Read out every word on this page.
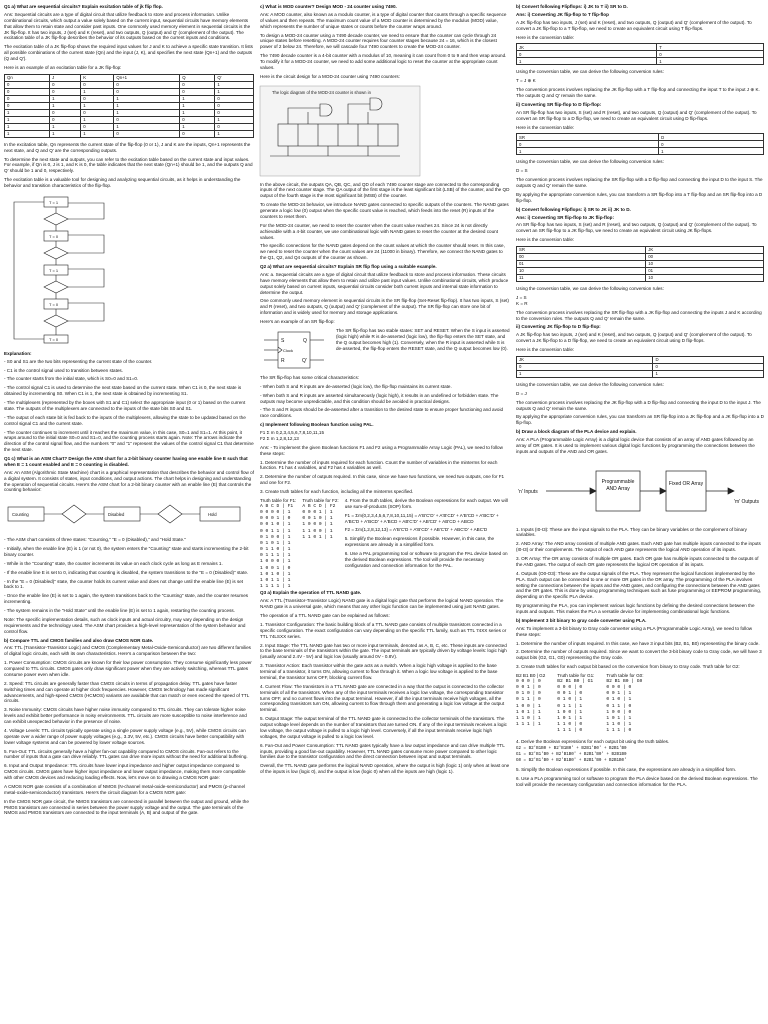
Q1 a) What are sequential circuits? Explain excitation table of jk flip flop.

Ans: Sequential circuits are a type of digital circuit that utilize feedback to store and process information. Unlike combinational circuits, which output a value solely based on the current input, sequential circuits have memory elements that allow them to retain state and consider past inputs. One commonly used memory element in sequential circuits is the JK flip-flop. It has two inputs, J (set) and K (reset), and two outputs, Q (output) and Q' (complement of the output). The excitation table of a JK flip-flop describes the behavior of its outputs based on the current inputs and conditions.

The excitation table of a JK flip-flop shows the required input values for J and K to achieve a specific state transition. It lists all possible combinations of the current state (Qn) and the input (J, K), and specifies the next state (Qn+1) and the outputs (Q and Q').

Here is an example of an excitation table for a JK flip-flop:

Qn	J	K	Qn+1	Q	Q'
0	0	0	0	0	1
0	0	1	0	0	1
0	1	0	1	1	0
0	1	1	1	1	0
1	0	0	1	1	0
1	0	1	0	0	1
1	1	0	1	1	0
1	1	1	0	0	1

In the excitation table, Qn represents the current state of the flip-flop (0 or 1), J and K are the inputs, Qn+1 represents the next state, and Q and Q' are the corresponding outputs.

To determine the next state and outputs, you can refer to the excitation table based on the current state and input values. For example, if Qn is 0, J is 1, and K is 0, the table indicates that the next state (Qn+1) should be 1, and the outputs Q and Q' should be 1 and 0, respectively.

The excitation table is a valuable tool for designing and analyzing sequential circuits, as it helps in understanding the behavior and transition characteristics of the flip-flop.

T = 0
T = 1
T = 0
T = 1
T = 0

Explanation:

- S0 and S1 are the two bits representing the current state of the counter.

- C1 is the control signal used to transition between states.

- The counter starts from the initial state, which is S0=0 and S1=0.

- The control signal C1 is used to determine the next state based on the current state. When C1 is 0, the next state is obtained by incrementing S0. When C1 is 1, the next state is obtained by incrementing S1.

- The multiplexers (represented by the boxes with S1 and C1) select the appropriate input (0 or 1) based on the current state. The outputs of the multiplexers are connected to the inputs of the state bits S0 and S1.

- The output of each state bit is fed back to the inputs of the multiplexers, allowing the state to be updated based on the control signal C1 and the current state.

- The counter continues to increment until it reaches the maximum value, in this case, S0=1 and S1=1. At this point, it wraps around to the initial state S0=0 and S1=0, and the counting process starts again. Note: The arrows indicate the direction of the control signal flow, and the numbers "0" and "1" represent the values of the control signal C1 that determine the next state.

Q1 c) What is an ASM Chart? Design the ASM chart for a 2-bit binary counter having one enable line E such that when E = 1 count enabled and E = 0 counting is disabled.

Ans: An ASM (Algorithmic State Machine) chart is a graphical representation that describes the behavior and control flow of a digital system. It consists of states, input conditions, and output actions. The chart helps in designing and understanding the operation of sequential circuits. Here's the ASM chart for a 2-bit binary counter with an enable line (E) that controls the counting behavior:

Counting	Disabled	Hold

- The ASM chart consists of three states: "Counting," "E = 0 (Disabled)," and "Hold State."

- Initially, when the enable line (E) is 1 (or not 0), the system enters the "Counting" state and starts incrementing the 2-bit binary counter.

- While in the "Counting" state, the counter increments its value on each clock cycle as long as E remains 1.

- If the enable line E is set to 0, indicating that counting is disabled, the system transitions to the "E = 0 (Disabled)" state.

- In the "E = 0 (Disabled)" state, the counter holds its current value and does not change until the enable line (E) is set back to 1.

- Once the enable line (E) is set to 1 again, the system transitions back to the "Counting" state, and the counter resumes incrementing.

- The system remains in the "Hold State" until the enable line (E) is set to 1 again, restarting the counting process.

Note: The specific implementation details, such as clock inputs and actual circuitry, may vary depending on the design requirements and the technology used. The ASM chart provides a high-level representation of the system behavior and control flow.

b) Compare TTL and CMOS families and also draw CMOS NOR Gate.

Ans: TTL (Transistor-Transistor Logic) and CMOS (Complementary Metal-Oxide-Semiconductor) are two different families of digital logic circuits, each with its own characteristics. Here's a comparison between the two:

1. Power Consumption: CMOS circuits are known for their low power consumption. They consume significantly less power compared to TTL circuits. CMOS gates only draw significant power when they are actively switching, whereas TTL gates consume power even when idle.

2. Speed: TTL circuits are generally faster than CMOS circuits in terms of propagation delay. TTL gates have faster switching times and can operate at higher clock frequencies. However, CMOS technology has made significant advancements, and high-speed CMOS (HCMOS) variants are available that can match or even exceed the speed of TTL circuits.

3. Noise Immunity: CMOS circuits have higher noise immunity compared to TTL circuits. They can tolerate higher noise levels and exhibit better performance in noisy environments. TTL circuits are more susceptible to noise interference and can exhibit unexpected behavior in the presence of noise.

4. Voltage Levels: TTL circuits typically operate using a single power supply voltage (e.g., 5V), while CMOS circuits can operate over a wider range of power supply voltages (e.g., 3.3V, 5V, etc.). CMOS circuits have better compatibility with lower voltage systems and can be powered by lower voltage sources.

5. Fan-Out: TTL circuits generally have a higher fan-out capability compared to CMOS circuits. Fan-out refers to the number of inputs that a gate can drive reliably. TTL gates can drive more inputs without the need for additional buffering.

6. Input and Output Impedance: TTL circuits have lower input impedance and higher output impedance compared to CMOS circuits. CMOS gates have higher input impedance and lower output impedance, making them more compatible with other CMOS devices and reducing loading effects. Now, let's move on to drawing a CMOS NOR gate:

A CMOS NOR gate consists of a combination of NMOS (N-channel metal-oxide-semiconductor) and PMOS (p-channel metal-oxide-semiconductor) transistors. Here's the circuit diagram for a CMOS NOR gate:

In the CMOS NOR gate circuit, the NMOS transistors are connected in parallel between the output and ground, while the PMOS transistors are connected in series between the power supply voltage and the output. The gate terminals of the NMOS and PMOS transistors are connected to the input terminals (A, B) and output of the gate.

c) What is MOD counter? Design MOD - 24 counter using 7490.

Ans: A MOD counter, also known as a modulo counter, is a type of digital counter that counts through a specific sequence of values and then repeats. The maximum count value of a MOD counter is determined by the modulus (MOD) value, which represents the number of unique states or counts before the counter wraps around.

To design a MOD-24 counter using a 7490 decade counter, we need to ensure that the counter can cycle through 24 unique states before resetting. A MOD-24 counter requires four counter stages because 24 = 16, which is the closest power of 2 below 24. Therefore, we will cascade four 7490 counters to create the MOD-24 counter.

The 7490 decade counter is a 4-bit counter with a modulus of 10, meaning it can count from 0 to 9 and then wrap around. To modify it for a MOD-24 counter, we need to add some additional logic to reset the counter at the appropriate count values.

Here is the circuit design for a MOD-24 counter using 7490 counters:

The logic diagram of the MOD-24 counter is shown in

In the above circuit, the outputs QA, QB, QC, and QD of each 7490 counter stage are connected to the corresponding inputs of the next counter stage. The QA output of the first stage is the least significant bit (LSB) of the counter, and the QD output of the fourth stage is the most significant bit (MSB) of the counter.

To create the MOD-24 behavior, we introduce NAND gates connected to specific outputs of the counters. The NAND gates generate a logic low (0) output when the specific count value is reached, which feeds into the reset (R) inputs of the counters to reset them.

For the MOD-24 counter, we need to reset the counter when the count value reaches 24. Since 24 is not directly achievable with a 4-bit counter, we use combinational logic with NAND gates to reset the counter at the desired count values.

The specific connections for the NAND gates depend on the count values at which the counter should reset. In this case, we need to reset the counter when the count values are 24 (11000 in binary). Therefore, we connect the NAND gates to the Q1, Q2, and Q4 outputs of the counter as shown.

Q2 a) What are sequential circuits? Explain SR flip flop using a suitable example.

Ans: a. Sequential circuits are a type of digital circuit that utilize feedback to store and process information. These circuits have memory elements that allow them to retain and utilize past input values. Unlike combinational circuits, which produce output solely based on current inputs, sequential circuits consider both current inputs and internal state information to determine the output.

One commonly used memory element in sequential circuits is the SR flip-flop (Set-Reset flip-flop). It has two inputs, S (set) and R (reset), and two outputs, Q (output) and Q' (complement of the output). The SR flip-flop can store one bit of information and is widely used for memory and storage applications.

Here's an example of an SR flip-flop:

S	Q
Clock
R	Q'

The SR flip-flop has two stable states: SET and RESET. When the S input is asserted (logic high) while R is de-asserted (logic low), the flip-flop enters the SET state, and the Q output becomes high (1). Conversely, when the R input is asserted while S is de-asserted, the flip-flop enters the RESET state, and the Q output becomes low (0).

The SR flip-flop has some critical characteristics:

- When both S and R inputs are de-asserted (logic low), the flip-flop maintains its current state.

- When both S and R inputs are asserted simultaneously (logic high), it results in an undefined or forbidden state. The outputs may become unpredictable, and this condition should be avoided in practical designs.

- The S and R inputs should be de-asserted after a transition to the desired state to ensure proper functioning and avoid race conditions.

c) Implement following Boolean function using PAL.

F1 Σ m 0,2,3,4,5,6,7,8,10,11,15

F2 Σ m 1,2,8,12,13

Ans: - To implement the given Boolean functions F1 and F2 using a Programmable Array Logic (PAL), we need to follow these steps:

1. Determine the number of inputs required for each function. Count the number of variables in the minterms for each function. F1 has 4 variables, and F2 has 4 variables as well.

2. Determine the number of outputs required. In this case, since we have two functions, we need two outputs, one for F1 and one for F2.

3. Create truth tables for each function, including all the minterms specified.

Truth table for F1:
A B C D | F1
0 0 0 0 | 1
0 0 0 1 | 0
0 0 1 0 | 1
0 0 1 1 | 1
0 1 0 0 | 1
0 1 0 1 | 1
0 1 1 0 | 1
0 1 1 1 | 1
1 0 0 0 | 1
1 0 0 1 | 0
1 0 1 0 | 1
1 0 1 1 | 1
1 1 1 1 | 1
Truth table for F2:
A B C D | F2
0 0 0 1 | 1
0 0 1 0 | 1
1 0 0 0 | 1
1 1 0 0 | 1
1 1 0 1 | 1

4. From the truth tables, derive the Boolean expressions for each output. We will use sum-of-products (SOP) form.

F1 = Σm(0,2,3,4,5,6,7,8,10,11,15) = A'B'C'D' + A'B'CD' + A'B'CD + A'BC'D' + A'BC'D + A'BCD' + A'BCD + AB'C'D' + AB'CD' + AB'CD + ABCD

F2 = Σm(1,2,8,12,13) = A'B'C'D + A'B'CD' + AB'C'D' + ABC'D' + ABC'D

5. Simplify the Boolean expressions if possible. However, in this case, the expressions are already in a simplified form.

6. Use a PAL programming tool or software to program the PAL device based on the derived Boolean expressions. The tool will provide the necessary configuration and connection information for the PAL.

Q3 a) Explain the operation of TTL NAND gate.

Ans: A TTL (Transistor-Transistor Logic) NAND gate is a digital logic gate that performs the logical NAND operation. The NAND gate is a universal gate, which means that any other logic function can be implemented using just NAND gates.

The operation of a TTL NAND gate can be explained as follows:

1. Transistor Configuration: The basic building block of a TTL NAND gate consists of multiple transistors connected in a specific configuration. The exact configuration can vary depending on the specific TTL family, such as TTL 74XX series or TTL 74LSXX series.

2. Input Stage: The TTL NAND gate has two or more input terminals, denoted as A, B, C, etc. These inputs are connected to the base terminals of the transistors within the gate. The input terminals are typically driven by voltage levels: logic high (usually around 2.4V - 5V) and logic low (usually around 0V - 0.8V).

3. Transistor Action: Each transistor within the gate acts as a switch. When a logic high voltage is applied to the base terminal of a transistor, it turns ON, allowing current to flow through it. When a logic low voltage is applied to the base terminal, the transistor turns OFF, blocking current flow.

4. Current Flow: The transistors in a TTL NAND gate are connected in a way that the output is connected to the collector terminals of all the transistors. When any of the input terminals receives a logic low voltage, the corresponding transistor turns OFF, and no current flows into the output terminal. However, if all the input terminals receive high voltages, all the corresponding transistors turn ON, allowing current to flow through them and generating a logic low voltage at the output terminal.

5. Output Stage: The output terminal of the TTL NAND gate is connected to the collector terminals of the transistors. The output voltage level depends on the number of transistors that are turned ON. If any of the input terminals receives a logic low voltage, the output voltage is pulled to a logic high level. Conversely, if all the input terminals receive logic high voltages, the output voltage is pulled to a logic low level.

6. Fan-Out and Power Consumption: TTL NAND gates typically have a low output impedance and can drive multiple TTL inputs, providing a good fan-out capability. However, TTL NAND gates consume more power compared to other logic families due to the transistor configuration and the direct connection between input and output terminals.

Overall, the TTL NAND gate performs the logical NAND operation, where the output is high (logic 1) only when at least one of the inputs is low (logic 0), and the output is low (logic 0) when all the inputs are high (logic 1).

b) Convert following Flipflops: i) JK to T ii) SR to D.

Ans: i) Converting JK flip-flop to T flip-flop

A JK flip-flop has two inputs, J (set) and K (reset), and two outputs, Q (output) and Q' (complement of the output). To convert a JK flip-flop to a T flip-flop, we need to create an equivalent circuit using T flip-flops.

Here is the conversion table:

JK	T
0	0
1	1

Using the conversion table, we can derive the following conversion rules:

T = J ⊕ K

The conversion process involves replacing the JK flip-flop with a T flip-flop and connecting the input T to the input J ⊕ K. The outputs Q and Q' remain the same.

ii) Converting SR flip-flop to D flip-flop:

An SR flip-flop has two inputs, S (set) and R (reset), and two outputs, Q (output) and Q' (complement of the output). To convert an SR flip-flop to a D flip-flop, we need to create an equivalent circuit using D flip-flops.

Here is the conversion table:

SR	D
0	0
1	1

Using the conversion table, we can derive the following conversion rules:

D = S

The conversion process involves replacing the SR flip-flop with a D flip-flop and connecting the input D to the input S. The outputs Q and Q' remain the same.

By applying the appropriate conversion rules, you can transform a SR flip-flop into a T flip-flop and an SR flip-flop into a D flip-flop.

b) Convert following Flipflops: i) SR to JK ii) JK to D.

Ans: i) Converting SR flip-flop to JK flip-flop:

An SR flip-flop has two inputs, S (set) and R (reset), and two outputs, Q (output) and Q' (complement of the output). To convert an SR flip-flop to a JK flip-flop, we need to create an equivalent circuit using JK flip-flops.

Here is the conversion table:

SR	JK
00	00
01	10
10	01
11	10

Using the conversion table, we can derive the following conversion rules:

J = S

K = R

The conversion process involves replacing the SR flip-flop with a JK flip-flop and connecting the inputs J and K according to the conversion rules. The outputs Q and Q' remain the same.

ii) Converting JK flip-flop to D flip-flop:

A JK flip-flop has two inputs, J (set) and K (reset), and two outputs, Q (output) and Q' (complement of the output). To convert a JK flip-flop to a D flip-flop, we need to create an equivalent circuit using D flip-flops.

Here is the conversion table:

JK	D
0	0
1	1

Using the conversion table, we can derive the following conversion rules:

D = J

The conversion process involves replacing the JK flip-flop with a D flip-flop and connecting the input D to the input J. The outputs Q and Q' remain the same.

By applying the appropriate conversion rules, you can transform an SR flip-flop into a JK flip-flop and a JK flip-flop into a D flip-flop.

b) Draw a block diagram of the PLA device and explain.

Ans: A PLA (Programmable Logic Array) is a digital logic device that consists of an array of AND gates followed by an array of OR gates. It is used to implement various digital logic functions by programming the connections between the inputs and outputs of the AND and OR gates.

'n' Inputs
Programmable AND Array
Fixed OR Array
'm' Outputs

1. Inputs (I0-I3): These are the input signals to the PLA. They can be binary variables or the complement of binary variables.

2. AND Array: The AND array consists of multiple AND gates. Each AND gate has multiple inputs connected to the inputs (I0-I3) or their complements. The output of each AND gate represents the logical AND operation of its inputs.

3. OR Array: The OR array consists of multiple OR gates. Each OR gate has multiple inputs connected to the outputs of the AND gates. The output of each OR gate represents the logical OR operation of its inputs.

4. Outputs (O0-O3): These are the output signals of the PLA. They represent the logical functions implemented by the PLA. Each output can be connected to one or more OR gates in the OR array. The programming of the PLA involves setting the connections between the inputs and the AND gates, and configuring the connections between the AND gates and the OR gates. This is done by using programming techniques such as fuse programming or EEPROM programming, depending on the specific PLA device.

By programming the PLA, you can implement various logic functions by defining the desired connections between the inputs and outputs. This makes the PLA a versatile device for implementing combinational logic functions.

b) Implement 3 bit binary to gray code converter using PLA.

Ans: To implement a 3-bit binary to Gray code converter using a PLA (Programmable Logic Array), we need to follow these steps:

1. Determine the number of inputs required. In this case, we have 3 input bits (B2, B1, B0) representing the binary code.

2. Determine the number of outputs required. Since we want to convert the 3-bit binary code to Gray code, we will have 3 output bits (G2, G1, G0) representing the Gray code.

3. Create truth tables for each output bit based on the conversion from binary to Gray code. Truth table for G2:

B2 B1 B0 | G2
0 0 0 | 0
0 0 1 | 0
0 1 0 | 0
0 1 1 | 0
1 0 0 | 1
1 0 1 | 1
1 1 0 | 1
1 1 1 | 1
Truth table for G1:
B2 B1 B0 | G1
0 0 0 | 0
0 0 1 | 0
0 1 0 | 1
0 1 1 | 1
1 0 0 | 1
1 0 1 | 1
1 1 0 | 0
1 1 1 | 0
Truth table for G0:
B2 B1 B0 | G0
0 0 0 | 0
0 0 1 | 1
0 1 0 | 1
0 1 1 | 0
1 0 0 | 0
1 0 1 | 1
1 1 0 | 1
1 1 1 | 0

4. Derive the Boolean expressions for each output bit using the truth tables.

G2 = B2'B1B0 + B2'B1B0' + B2B1'B0' + B2B1'B0
G1 = B2'B1'B0 + B2'B1B0' + B2B1'B0' + B2B1B0
G0 = B2'B1'B0 + B2'B1B0' + B2B1'B0 + B2B1B0'

5. Simplify the Boolean expressions if possible. In this case, the expressions are already in a simplified form.

6. Use a PLA programming tool or software to program the PLA device based on the derived Boolean expressions. The tool will provide the necessary configuration and connection information for the PLA.
